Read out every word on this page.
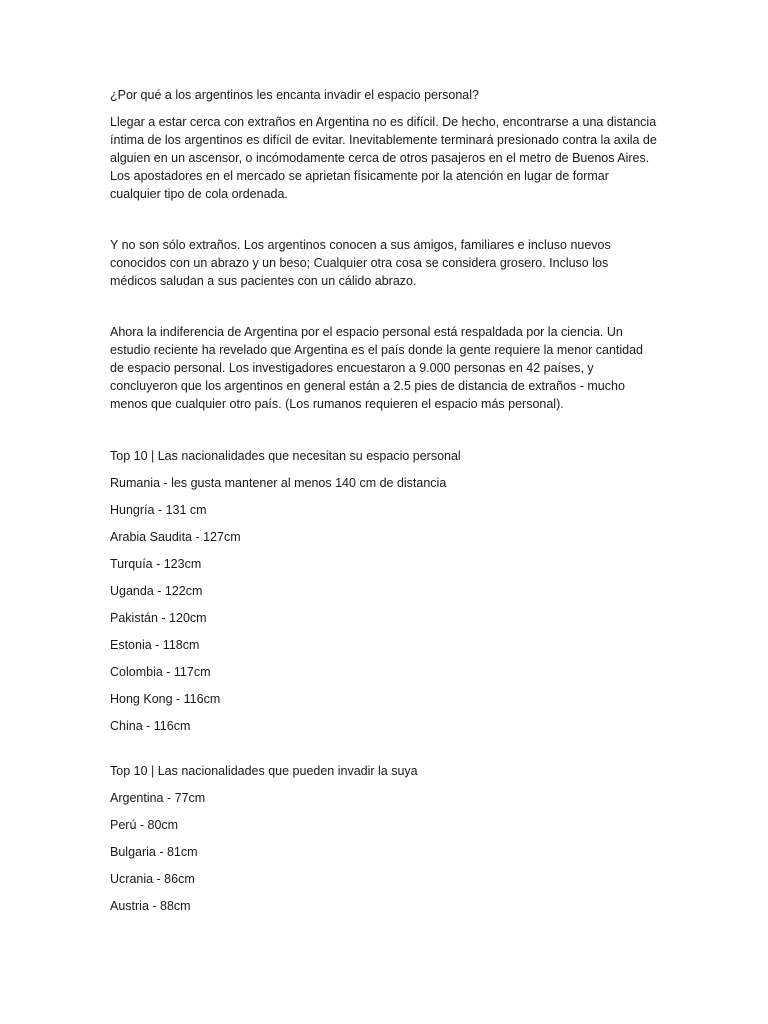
¿Por qué a los argentinos les encanta invadir el espacio personal?

Llegar a estar cerca con extraños en Argentina no es difícil. De hecho, encontrarse a una distancia íntima de los argentinos es difícil de evitar. Inevitablemente terminará presionado contra la axila de alguien en un ascensor, o incómodamente cerca de otros pasajeros en el metro de Buenos Aires. Los apostadores en el mercado se aprietan físicamente por la atención en lugar de formar cualquier tipo de cola ordenada.

Y no son sólo extraños. Los argentinos conocen a sus amigos, familiares e incluso nuevos conocidos con un abrazo y un beso; Cualquier otra cosa se considera grosero. Incluso los médicos saludan a sus pacientes con un cálido abrazo.

Ahora la indiferencia de Argentina por el espacio personal está respaldada por la ciencia. Un estudio reciente ha revelado que Argentina es el país donde la gente requiere la menor cantidad de espacio personal. Los investigadores encuestaron a 9.000 personas en 42 países, y concluyeron que los argentinos en general están a 2.5 pies de distancia de extraños - mucho menos que cualquier otro país. (Los rumanos requieren el espacio más personal).

Top 10 | Las nacionalidades que necesitan su espacio personal

Rumania - les gusta mantener al menos 140 cm de distancia
Hungría - 131 cm
Arabia Saudita - 127cm
Turquía - 123cm
Uganda - 122cm
Pakistán - 120cm
Estonia - 118cm
Colombia - 117cm
Hong Kong - 116cm
China - 116cm

Top 10 | Las nacionalidades que pueden invadir la suya

Argentina - 77cm
Perú - 80cm
Bulgaria - 81cm
Ucrania - 86cm
Austria - 88cm
